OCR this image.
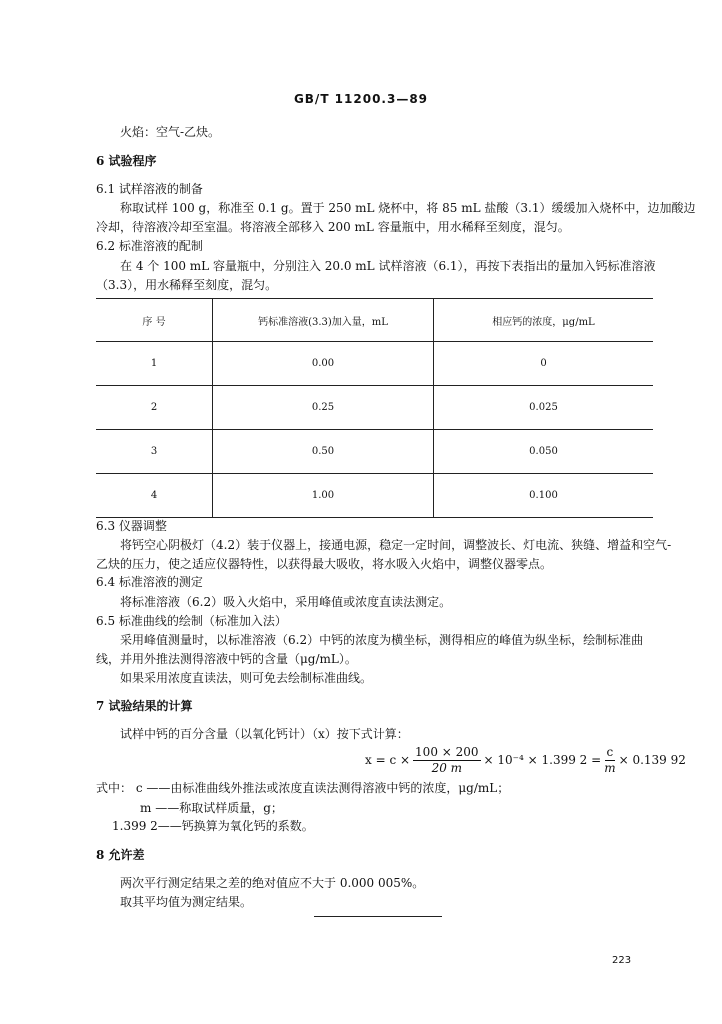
GB/T 11200.3—89
火焰：空气-乙炔。
6 试验程序
6.1 试样溶液的制备
称取试样 100 g，称准至 0.1 g。置于 250 mL 烧杯中，将 85 mL 盐酸（3.1）缓缓加入烧杯中，边加酸边
冷却，待溶液冷却至室温。将溶液全部移入 200 mL 容量瓶中，用水稀释至刻度，混匀。
6.2 标准溶液的配制
在 4 个 100 mL 容量瓶中，分别注入 20.0 mL 试样溶液（6.1），再按下表指出的量加入钙标准溶液
（3.3），用水稀释至刻度，混匀。
序 号	钙标准溶液(3.3)加入量，mL	相应钙的浓度，μg/mL
1	0.00	0
2	0.25	0.025
3	0.50	0.050
4	1.00	0.100
6.3 仪器调整
将钙空心阴极灯（4.2）装于仪器上，接通电源，稳定一定时间，调整波长、灯电流、狭缝、增益和空气-
乙炔的压力，使之适应仪器特性，以获得最大吸收，将水吸入火焰中，调整仪器零点。
6.4 标准溶液的测定
将标准溶液（6.2）吸入火焰中，采用峰值或浓度直读法测定。
6.5 标准曲线的绘制（标准加入法）
采用峰值测量时，以标准溶液（6.2）中钙的浓度为横坐标，测得相应的峰值为纵坐标，绘制标准曲
线，并用外推法测得溶液中钙的含量（μg/mL）。
如果采用浓度直读法，则可免去绘制标准曲线。
7 试验结果的计算
试样中钙的百分含量（以氧化钙计）（x）按下式计算：
$x = c \times \frac{100 \times 200}{20 m} \times 10^{-4} \times 1.399$ $2 = \frac{c}{m} \times 0.139$ 92
式中： c ——由标准曲线外推法或浓度直读法测得溶液中钙的浓度，μg/mL；
m ——称取试样质量，g；
1.399 2——钙换算为氧化钙的系数。
8 允许差
两次平行测定结果之差的绝对值应不大于 0.000 005%。
取其平均值为测定结果。
223
